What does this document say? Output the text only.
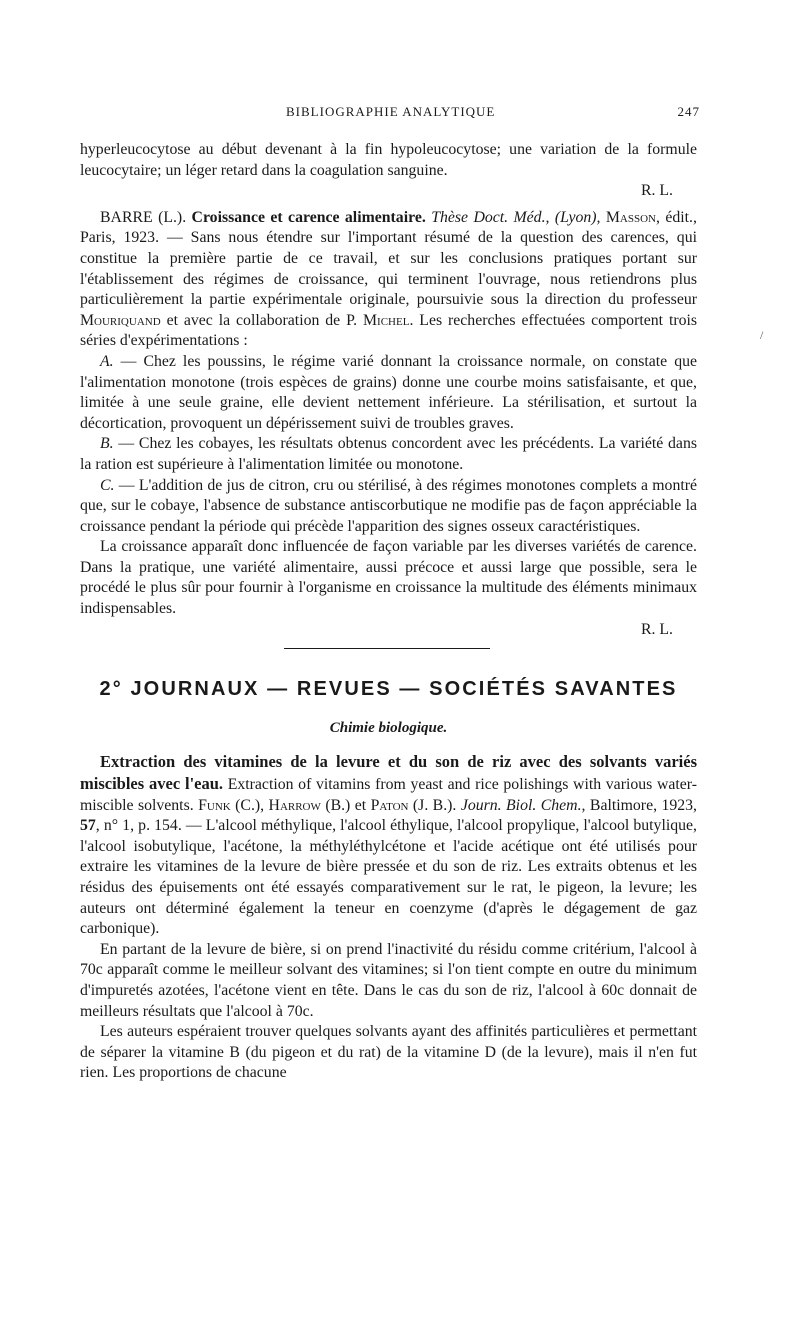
BIBLIOGRAPHIE ANALYTIQUE	247
/

hyperleucocytose au début devenant à la fin hypoleucocytose; une variation de la formule leucocytaire; un léger retard dans la coagulation sanguine.

R. L.

BARRE (L.). Croissance et carence alimentaire. Thèse Doct. Méd., (Lyon), Masson, édit., Paris, 1923. — Sans nous étendre sur l'important résumé de la question des carences, qui constitue la première partie de ce travail, et sur les conclusions pratiques portant sur l'établissement des régimes de croissance, qui terminent l'ouvrage, nous retiendrons plus particulièrement la partie expérimentale originale, poursuivie sous la direction du professeur Mouriquand et avec la collaboration de P. Michel. Les recherches effectuées comportent trois séries d'expérimentations :

A. — Chez les poussins, le régime varié donnant la croissance normale, on constate que l'alimentation monotone (trois espèces de grains) donne une courbe moins satisfaisante, et que, limitée à une seule graine, elle devient nettement inférieure. La stérilisation, et surtout la décortication, provoquent un dépérissement suivi de troubles graves.

B. — Chez les cobayes, les résultats obtenus concordent avec les précédents. La variété dans la ration est supérieure à l'alimentation limitée ou monotone.

C. — L'addition de jus de citron, cru ou stérilisé, à des régimes monotones complets a montré que, sur le cobaye, l'absence de substance antiscorbutique ne modifie pas de façon appréciable la croissance pendant la période qui précède l'apparition des signes osseux caractéristiques.

La croissance apparaît donc influencée de façon variable par les diverses variétés de carence. Dans la pratique, une variété alimentaire, aussi précoce et aussi large que possible, sera le procédé le plus sûr pour fournir à l'organisme en croissance la multitude des éléments minimaux indispensables.

R. L.

2° JOURNAUX — REVUES — SOCIÉTÉS SAVANTES
Chimie biologique.

Extraction des vitamines de la levure et du son de riz avec des solvants variés miscibles avec l'eau. Extraction of vitamins from yeast and rice polishings with various water-miscible solvents. Funk (C.), Harrow (B.) et Paton (J. B.). Journ. Biol. Chem., Baltimore, 1923, 57, n° 1, p. 154. — L'alcool méthylique, l'alcool éthylique, l'alcool propylique, l'alcool butylique, l'alcool isobutylique, l'acétone, la méthyléthylcétone et l'acide acétique ont été utilisés pour extraire les vitamines de la levure de bière pressée et du son de riz. Les extraits obtenus et les résidus des épuisements ont été essayés comparativement sur le rat, le pigeon, la levure; les auteurs ont déterminé également la teneur en coenzyme (d'après le dégagement de gaz carbonique).

En partant de la levure de bière, si on prend l'inactivité du résidu comme critérium, l'alcool à 70c apparaît comme le meilleur solvant des vitamines; si l'on tient compte en outre du minimum d'impuretés azotées, l'acétone vient en tête. Dans le cas du son de riz, l'alcool à 60c donnait de meilleurs résultats que l'alcool à 70c.

Les auteurs espéraient trouver quelques solvants ayant des affinités particulières et permettant de séparer la vitamine B (du pigeon et du rat) de la vitamine D (de la levure), mais il n'en fut rien. Les proportions de chacune
